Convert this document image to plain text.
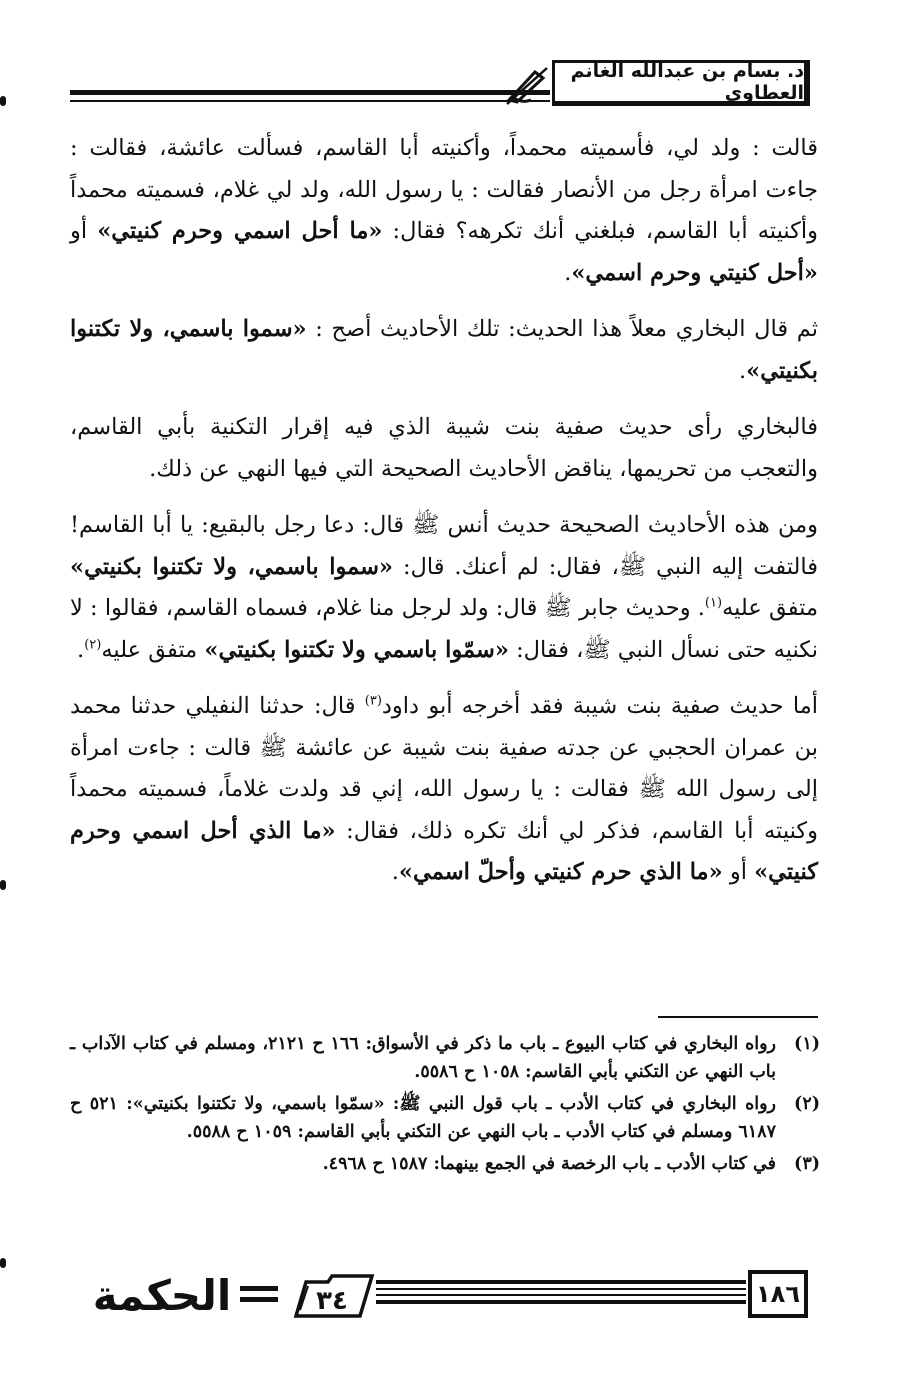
د. بسام بن عبدالله الغانم العطاوي

قالت : ولد لي، فأسميته محمداً، وأكنيته أبا القاسم، فسألت عائشة، فقالت : جاءت امرأة رجل من الأنصار فقالت : يا رسول الله، ولد لي غلام، فسميته محمداً وأكنيته أبا القاسم، فبلغني أنك تكرهه؟ فقال: «ما أحل اسمي وحرم كنيتي» أو «أحل كنيتي وحرم اسمي».

ثم قال البخاري معلاً هذا الحديث: تلك الأحاديث أصح : «سموا باسمي، ولا تكتنوا بكنيتي».

فالبخاري رأى حديث صفية بنت شيبة الذي فيه إقرار التكنية بأبي القاسم، والتعجب من تحريمها، يناقض الأحاديث الصحيحة التي فيها النهي عن ذلك.

ومن هذه الأحاديث الصحيحة حديث أنس ﷺ قال: دعا رجل بالبقيع: يا أبا القاسم! فالتفت إليه النبي ﷺ، فقال: لم أعنك. قال: «سموا باسمي، ولا تكتنوا بكنيتي» متفق عليه$^{(١)}$. وحديث جابر ﷺ قال: ولد لرجل منا غلام، فسماه القاسم، فقالوا : لا نكنيه حتى نسأل النبي ﷺ، فقال: «سمّوا باسمي ولا تكتنوا بكنيتي» متفق عليه$^{(٢)}$.

أما حديث صفية بنت شيبة فقد أخرجه أبو داود$^{(٣)}$ قال: حدثنا النفيلي حدثنا محمد بن عمران الحجبي عن جدته صفية بنت شيبة عن عائشة ﷺ قالت : جاءت امرأة إلى رسول الله ﷺ فقالت : يا رسول الله، إني قد ولدت غلاماً، فسميته محمداً وكنيته أبا القاسم، فذكر لي أنك تكره ذلك، فقال: «ما الذي أحل اسمي وحرم كنيتي» أو «ما الذي حرم كنيتي وأحلّ اسمي».

(١)
رواه البخاري في كتاب البيوع ـ باب ما ذكر في الأسواق: ١٦٦ ح ٢١٢١، ومسلم في كتاب الآداب ـ باب النهي عن التكني بأبي القاسم: ١٠٥٨ ح ٥٥٨٦.
(٢)
رواه البخاري في كتاب الأدب ـ باب قول النبي ﷺ: «سمّوا باسمي، ولا تكتنوا بكنيتي»: ٥٢١ ح ٦١٨٧ ومسلم في كتاب الأدب ـ باب النهي عن التكني بأبي القاسم: ١٠٥٩ ح ٥٥٨٨.
(٣)
في كتاب الأدب ـ باب الرخصة في الجمع بينهما: ١٥٨٧ ح ٤٩٦٨.
الحكمة	٣٤	١٨٦
